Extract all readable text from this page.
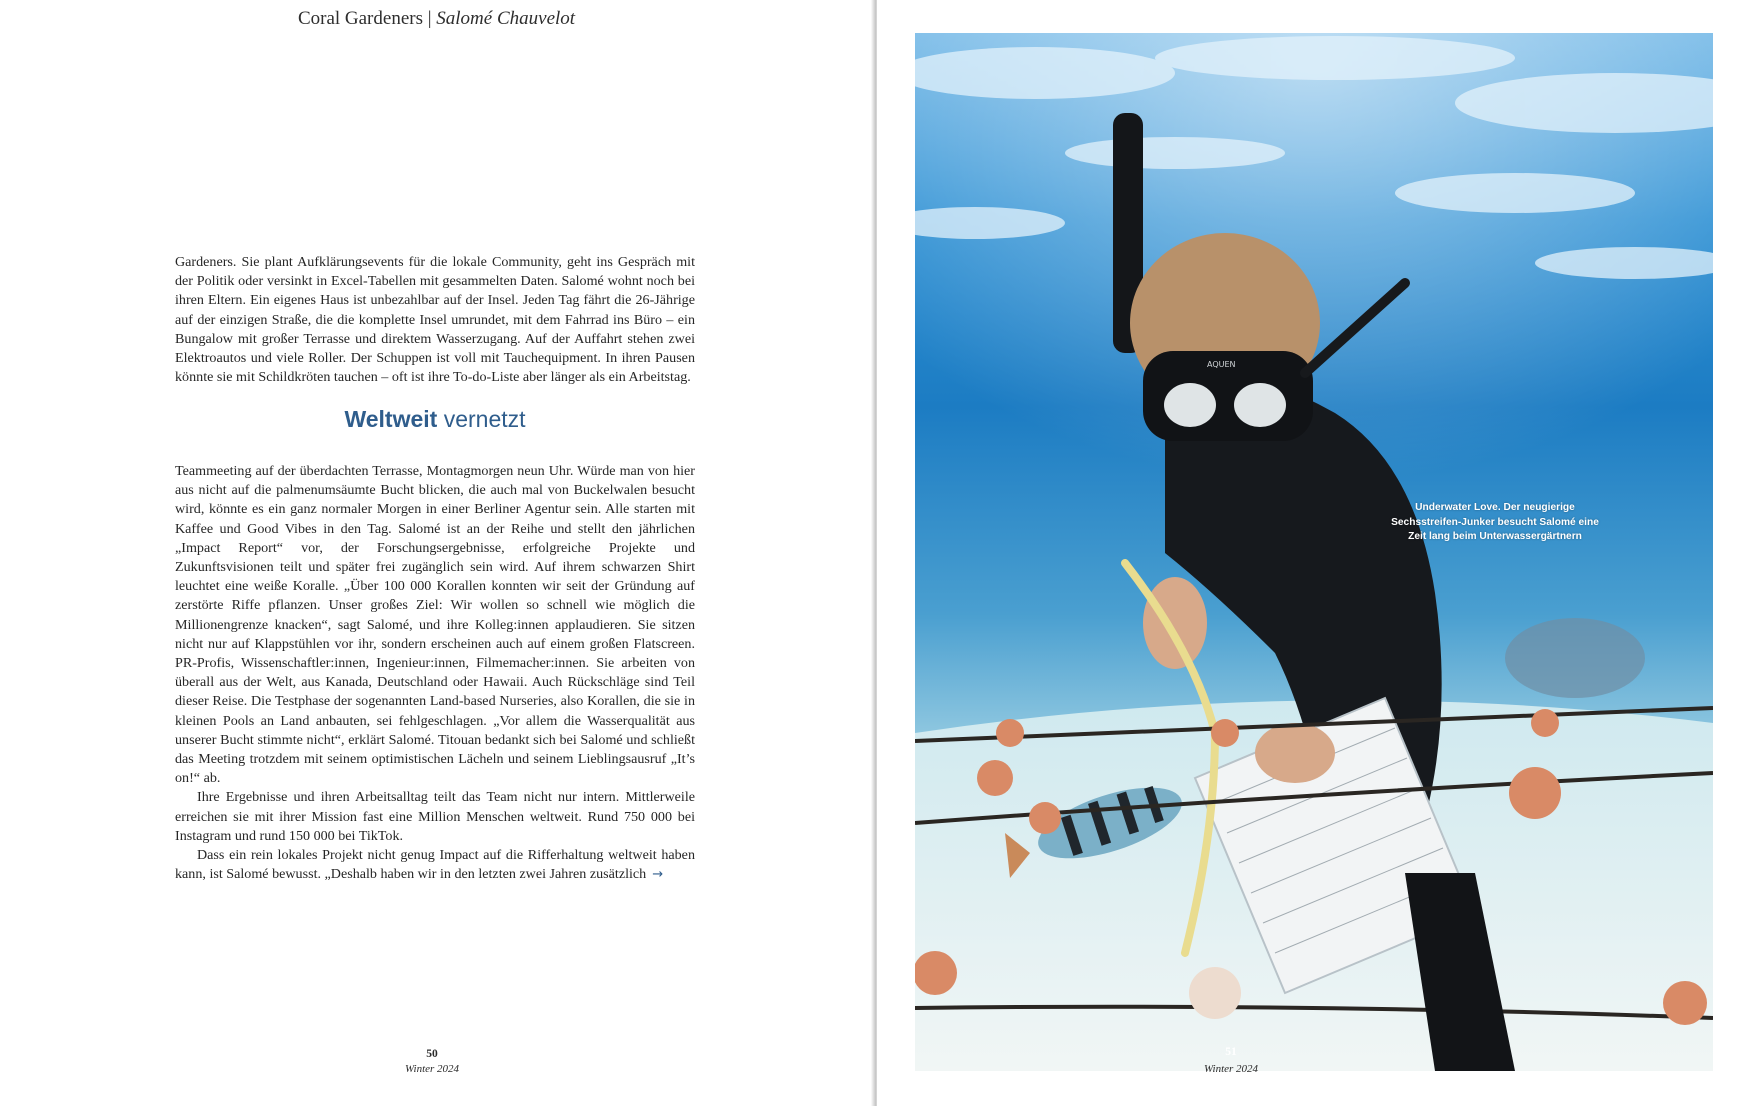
Coral Gardeners | Salomé Chauvelot

Gardeners. Sie plant Aufklärungsevents für die lokale Community, geht ins Gespräch mit der Politik oder versinkt in Excel-Tabellen mit gesammelten Daten. Salomé wohnt noch bei ihren Eltern. Ein eigenes Haus ist unbezahlbar auf der Insel. Jeden Tag fährt die 26-Jährige auf der einzigen Straße, die die komplette Insel umrundet, mit dem Fahrrad ins Büro – ein Bungalow mit großer Terrasse und direktem Wasserzugang. Auf der Auffahrt stehen zwei Elektroautos und viele Roller. Der Schuppen ist voll mit Tauchequipment. In ihren Pausen könnte sie mit Schildkröten tauchen – oft ist ihre To-do-Liste aber länger als ein Arbeitstag.

Weltweit vernetzt

Teammeeting auf der überdachten Terrasse, Montagmorgen neun Uhr. Würde man von hier aus nicht auf die palmenumsäumte Bucht blicken, die auch mal von Buckelwalen besucht wird, könnte es ein ganz normaler Morgen in einer Berliner Agentur sein. Alle starten mit Kaffee und Good Vibes in den Tag. Salomé ist an der Reihe und stellt den jährlichen „Impact Report“ vor, der Forschungsergebnisse, erfolgreiche Projekte und Zukunftsvisionen teilt und später frei zugänglich sein wird. Auf ihrem schwarzen Shirt leuchtet eine weiße Koralle. „Über 100 000 Korallen konnten wir seit der Gründung auf zerstörte Riffe pflanzen. Unser großes Ziel: Wir wollen so schnell wie möglich die Millionengrenze knacken“, sagt Salomé, und ihre Kolleg:innen applaudieren. Sie sitzen nicht nur auf Klappstühlen vor ihr, sondern erscheinen auch auf einem großen Flatscreen. PR-Profis, Wissenschaftler:innen, Ingenieur:innen, Filmemacher:innen. Sie arbeiten von überall aus der Welt, aus Kanada, Deutschland oder Hawaii. Auch Rückschläge sind Teil dieser Reise. Die Testphase der sogenannten Land-based Nurseries, also Korallen, die sie in kleinen Pools an Land anbauten, sei fehlgeschlagen. „Vor allem die Wasserqualität aus unserer Bucht stimmte nicht“, erklärt Salomé. Titouan bedankt sich bei Salomé und schließt das Meeting trotzdem mit seinem optimistischen Lächeln und seinem Lieblingsausruf „It’s on!“ ab.

Ihre Ergebnisse und ihren Arbeitsalltag teilt das Team nicht nur intern. Mittlerweile erreichen sie mit ihrer Mission fast eine Million Menschen weltweit. Rund 750 000 bei Instagram und rund 150 000 bei TikTok.

Dass ein rein lokales Projekt nicht genug Impact auf die Rifferhaltung weltweit haben kann, ist Salomé bewusst. „Deshalb haben wir in den letzten zwei Jahren zusätzlich →

50
Winter 2024
AQUEN
Underwater Love. Der neugierige
Sechsstreifen-Junker besucht Salomé eine
Zeit lang beim Unterwassergärtnern
51
Winter 2024
